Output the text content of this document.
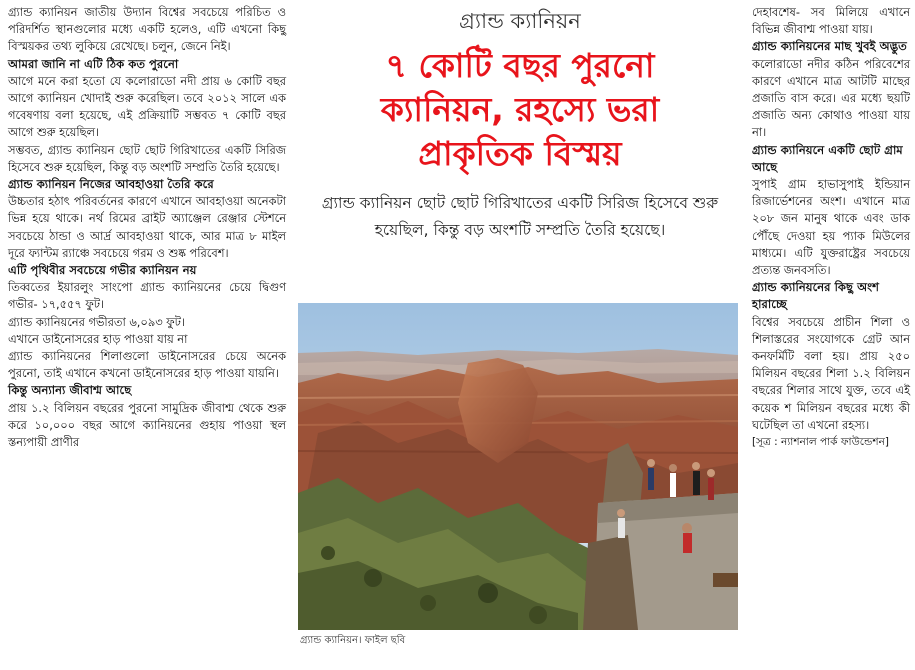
গ্র্যান্ড ক্যানিয়ন জাতীয় উদ্যান বিশ্বের সবচেয়ে পরিচিত ও পরিদর্শিত স্থানগুলোর মধ্যে একটি হলেও, এটি এখনো কিছু বিস্ময়কর তথ্য লুকিয়ে রেখেছে। চলুন, জেনে নিই।

আমরা জানি না এটি ঠিক কত পুরনো

আগে মনে করা হতো যে কলোরাডো নদী প্রায় ৬ কোটি বছর আগে ক্যানিয়ন খোদাই শুরু করেছিল। তবে ২০১২ সালে এক গবেষণায় বলা হয়েছে, এই প্রক্রিয়াটি সম্ভবত ৭ কোটি বছর আগে শুরু হয়েছিল।

সম্ভবত, গ্র্যান্ড ক্যানিয়ন ছোট ছোট গিরিখাতের একটি সিরিজ হিসেবে শুরু হয়েছিল, কিন্তু বড় অংশটি সম্প্রতি তৈরি হয়েছে।

গ্র্যান্ড ক্যানিয়ন নিজের আবহাওয়া তৈরি করে

উচ্চতার হঠাৎ পরিবর্তনের কারণে এখানে আবহাওয়া অনেকটা ভিন্ন হয়ে থাকে। নর্থ রিমের ব্রাইট অ্যাঞ্জেল রেঞ্জার স্টেশনে সবচেয়ে ঠান্ডা ও আর্দ্র আবহাওয়া থাকে, আর মাত্র ৮ মাইল দূরে ফ্যান্টম র‍্যাঞ্চে সবচেয়ে গরম ও শুষ্ক পরিবেশ।

এটি পৃথিবীর সবচেয়ে গভীর ক্যানিয়ন নয়

তিব্বতের ইয়ারলুং সাংপো গ্র্যান্ড ক্যানিয়নের চেয়ে দ্বিগুণ গভীর- ১৭,৫৫৭ ফুট।

গ্র্যান্ড ক্যানিয়নের গভীরতা ৬,০৯৩ ফুট।

এখানে ডাইনোসরের হাড় পাওয়া যায় না

গ্র্যান্ড ক্যানিয়নের শিলাগুলো ডাইনোসরের চেয়ে অনেক পুরনো, তাই এখানে কখনো ডাইনোসরের হাড় পাওয়া যায়নি।

কিন্তু অন্যান্য জীবাশ্ম আছে

প্রায় ১.২ বিলিয়ন বছরের পুরনো সামুদ্রিক জীবাশ্ম থেকে শুরু করে ১০,০০০ বছর আগে ক্যানিয়নের গুহায় পাওয়া স্থল স্তন্যপায়ী প্রাণীর

গ্র্যান্ড ক্যানিয়ন
৭ কোটি বছর পুরনো
ক্যানিয়ন, রহস্যে ভরা
প্রাকৃতিক বিস্ময়
গ্র্যান্ড ক্যানিয়ন ছোট ছোট গিরিখাতের একটি সিরিজ হিসেবে শুরু হয়েছিল, কিন্তু বড় অংশটি সম্প্রতি তৈরি হয়েছে।
গ্র্যান্ড ক্যানিয়ন। ফাইল ছবি

দেহাবশেষ- সব মিলিয়ে এখানে বিভিন্ন জীবাশ্ম পাওয়া যায়।

গ্র্যান্ড ক্যানিয়নের মাছ খুবই অদ্ভুত

কলোরাডো নদীর কঠিন পরিবেশের কারণে এখানে মাত্র আটটি মাছের প্রজাতি বাস করে। এর মধ্যে ছয়টি প্রজাতি অন্য কোথাও পাওয়া যায় না।

গ্র্যান্ড ক্যানিয়নে একটি ছোট গ্রাম আছে

সুপাই গ্রাম হাভাসুপাই ইন্ডিয়ান রিজার্ভেশনের অংশ। এখানে মাত্র ২০৮ জন মানুষ থাকে এবং ডাক পৌঁছে দেওয়া হয় প্যাক মিউলের মাধ্যমে। এটি যুক্তরাষ্ট্রের সবচেয়ে প্রত্যন্ত জনবসতি।

গ্র্যান্ড ক্যানিয়নের কিছু অংশ হারাচ্ছে

বিশ্বের সবচেয়ে প্রাচীন শিলা ও শিলাস্তরের সংযোগকে গ্রেট আন কনফর্মিটি বলা হয়। প্রায় ২৫০ মিলিয়ন বছরের শিলা ১.২ বিলিয়ন বছরের শিলার সাথে যুক্ত, তবে এই কয়েক শ মিলিয়ন বছরের মধ্যে কী ঘটেছিল তা এখনো রহস্য।

[সূত্র : ন্যাশনাল পার্ক ফাউন্ডেশন]
